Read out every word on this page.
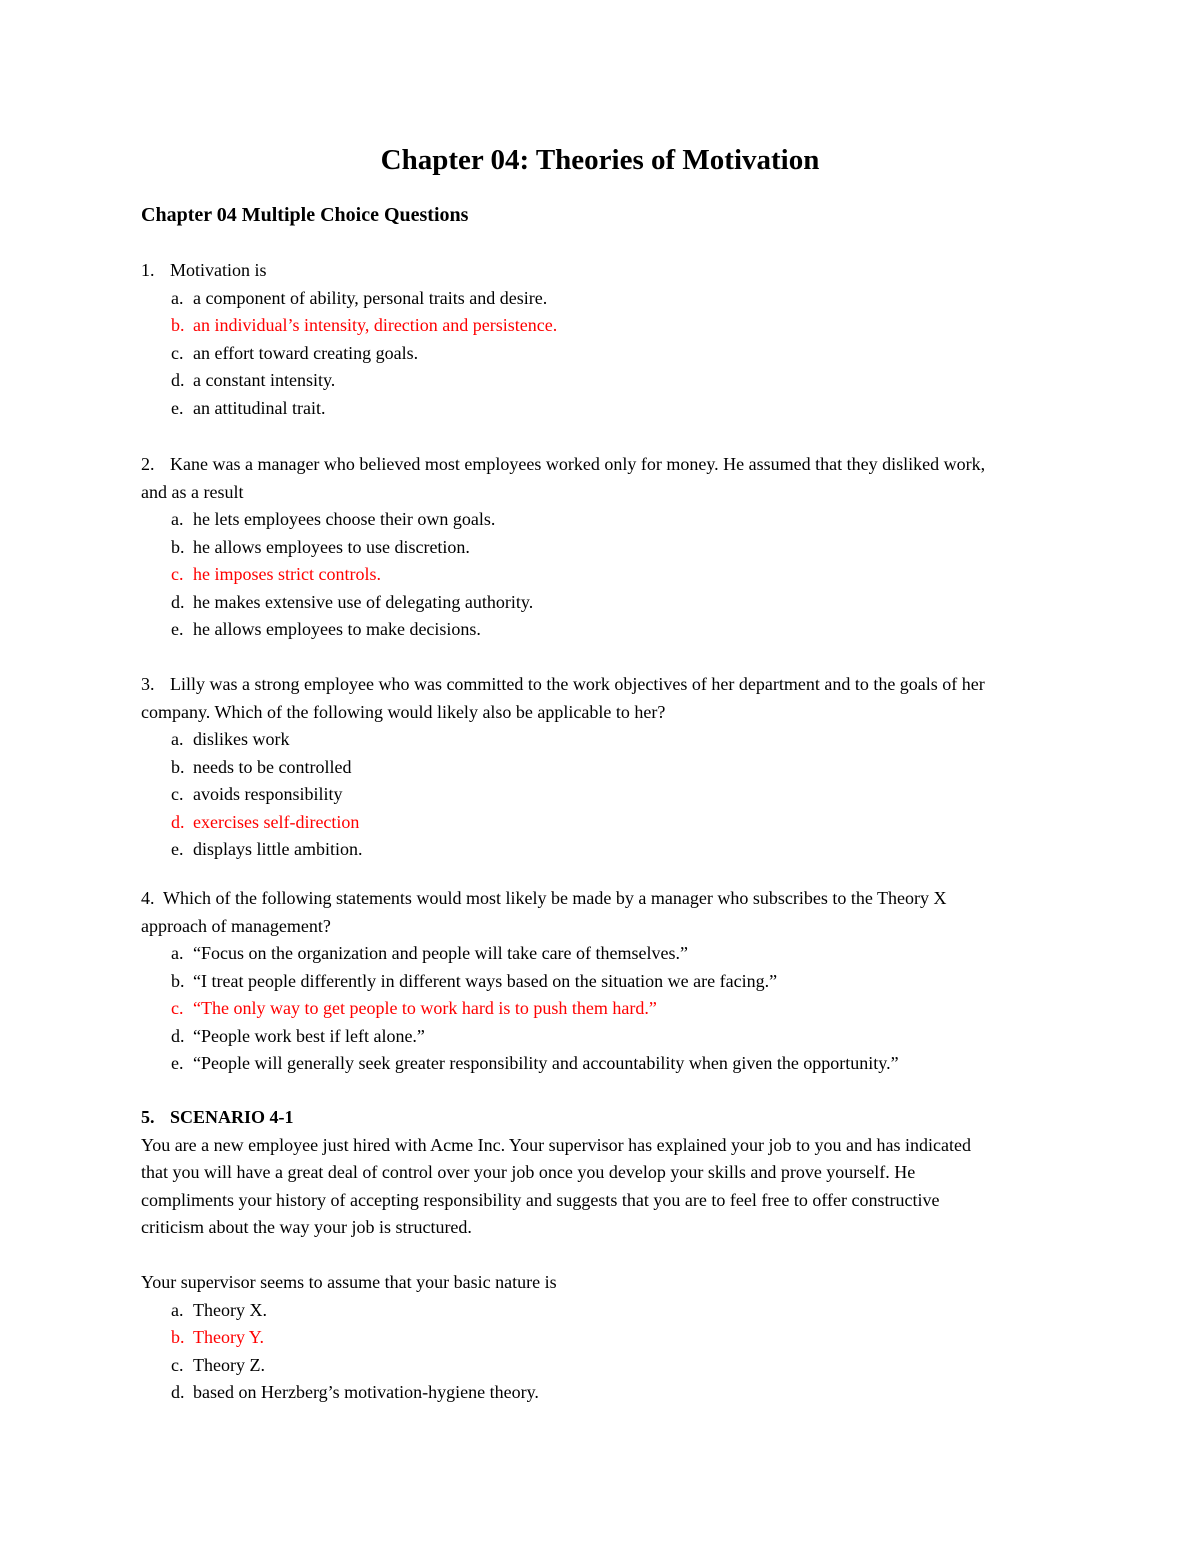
Chapter 04: Theories of Motivation
Chapter 04 Multiple Choice Questions

1. Motivation is

a. a component of ability, personal traits and desire.

b. an individual’s intensity, direction and persistence.

c. an effort toward creating goals.

d. a constant intensity.

e. an attitudinal trait.

2. Kane was a manager who believed most employees worked only for money. He assumed that they disliked work,

and as a result

a. he lets employees choose their own goals.

b. he allows employees to use discretion.

c. he imposes strict controls.

d. he makes extensive use of delegating authority.

e. he allows employees to make decisions.

3. Lilly was a strong employee who was committed to the work objectives of her department and to the goals of her

company. Which of the following would likely also be applicable to her?

a. dislikes work

b. needs to be controlled

c. avoids responsibility

d. exercises self-direction

e. displays little ambition.

4. Which of the following statements would most likely be made by a manager who subscribes to the Theory X

approach of management?

a. “Focus on the organization and people will take care of themselves.”

b. “I treat people differently in different ways based on the situation we are facing.”

c. “The only way to get people to work hard is to push them hard.”

d. “People work best if left alone.”

e. “People will generally seek greater responsibility and accountability when given the opportunity.”

5. SCENARIO 4-1

You are a new employee just hired with Acme Inc. Your supervisor has explained your job to you and has indicated

that you will have a great deal of control over your job once you develop your skills and prove yourself. He

compliments your history of accepting responsibility and suggests that you are to feel free to offer constructive

criticism about the way your job is structured.

Your supervisor seems to assume that your basic nature is

a. Theory X.

b. Theory Y.

c. Theory Z.

d. based on Herzberg’s motivation-hygiene theory.
